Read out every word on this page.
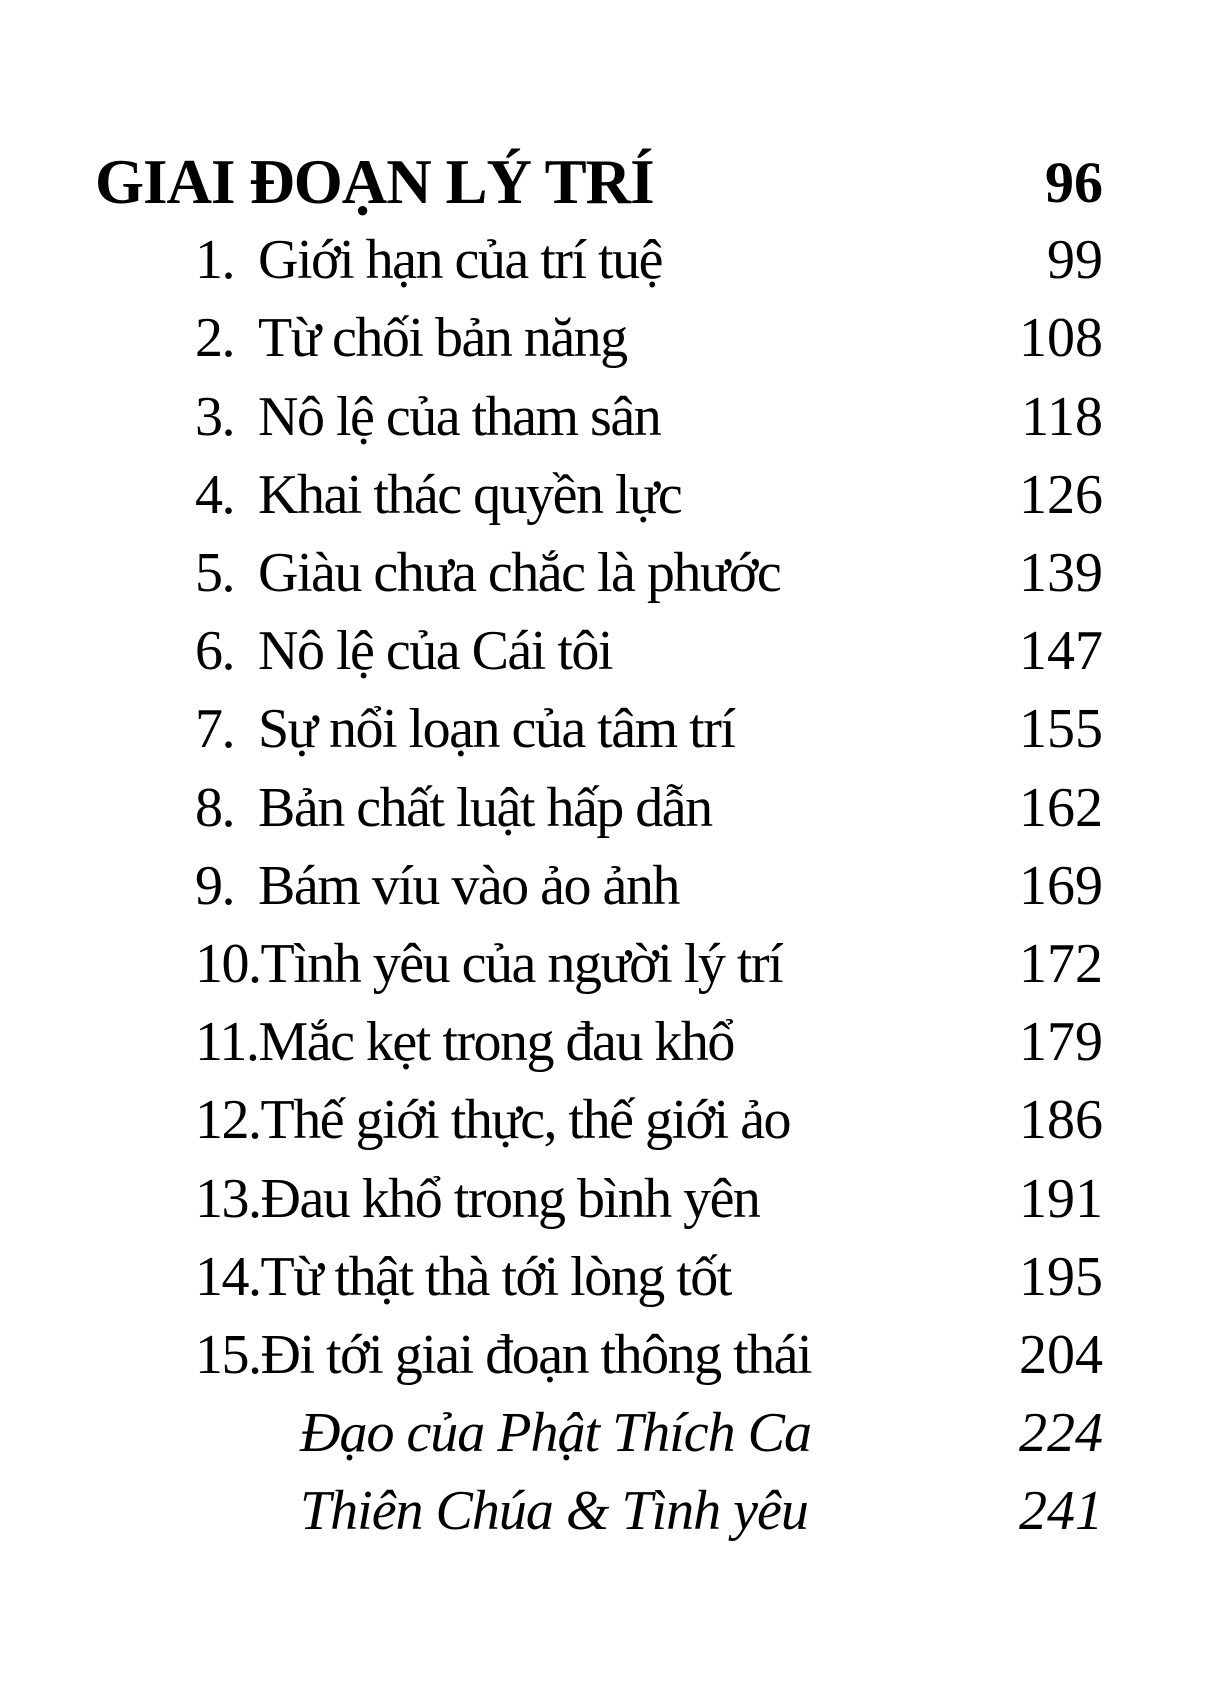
GIAI ĐOẠN LÝ TRÍ	96
1. Giới hạn của trí tuệ	99
2. Từ chối bản năng	108
3. Nô lệ của tham sân	118
4. Khai thác quyền lực	126
5. Giàu chưa chắc là phước	139
6. Nô lệ của Cái tôi	147
7. Sự nổi loạn của tâm trí	155
8. Bản chất luật hấp dẫn	162
9. Bám víu vào ảo ảnh	169
10. Tình yêu của người lý trí	172
11. Mắc kẹt trong đau khổ	179
12. Thế giới thực, thế giới ảo	186
13. Đau khổ trong bình yên	191
14. Từ thật thà tới lòng tốt	195
15. Đi tới giai đoạn thông thái	204
Đạo của Phật Thích Ca	224
Thiên Chúa & Tình yêu	241
